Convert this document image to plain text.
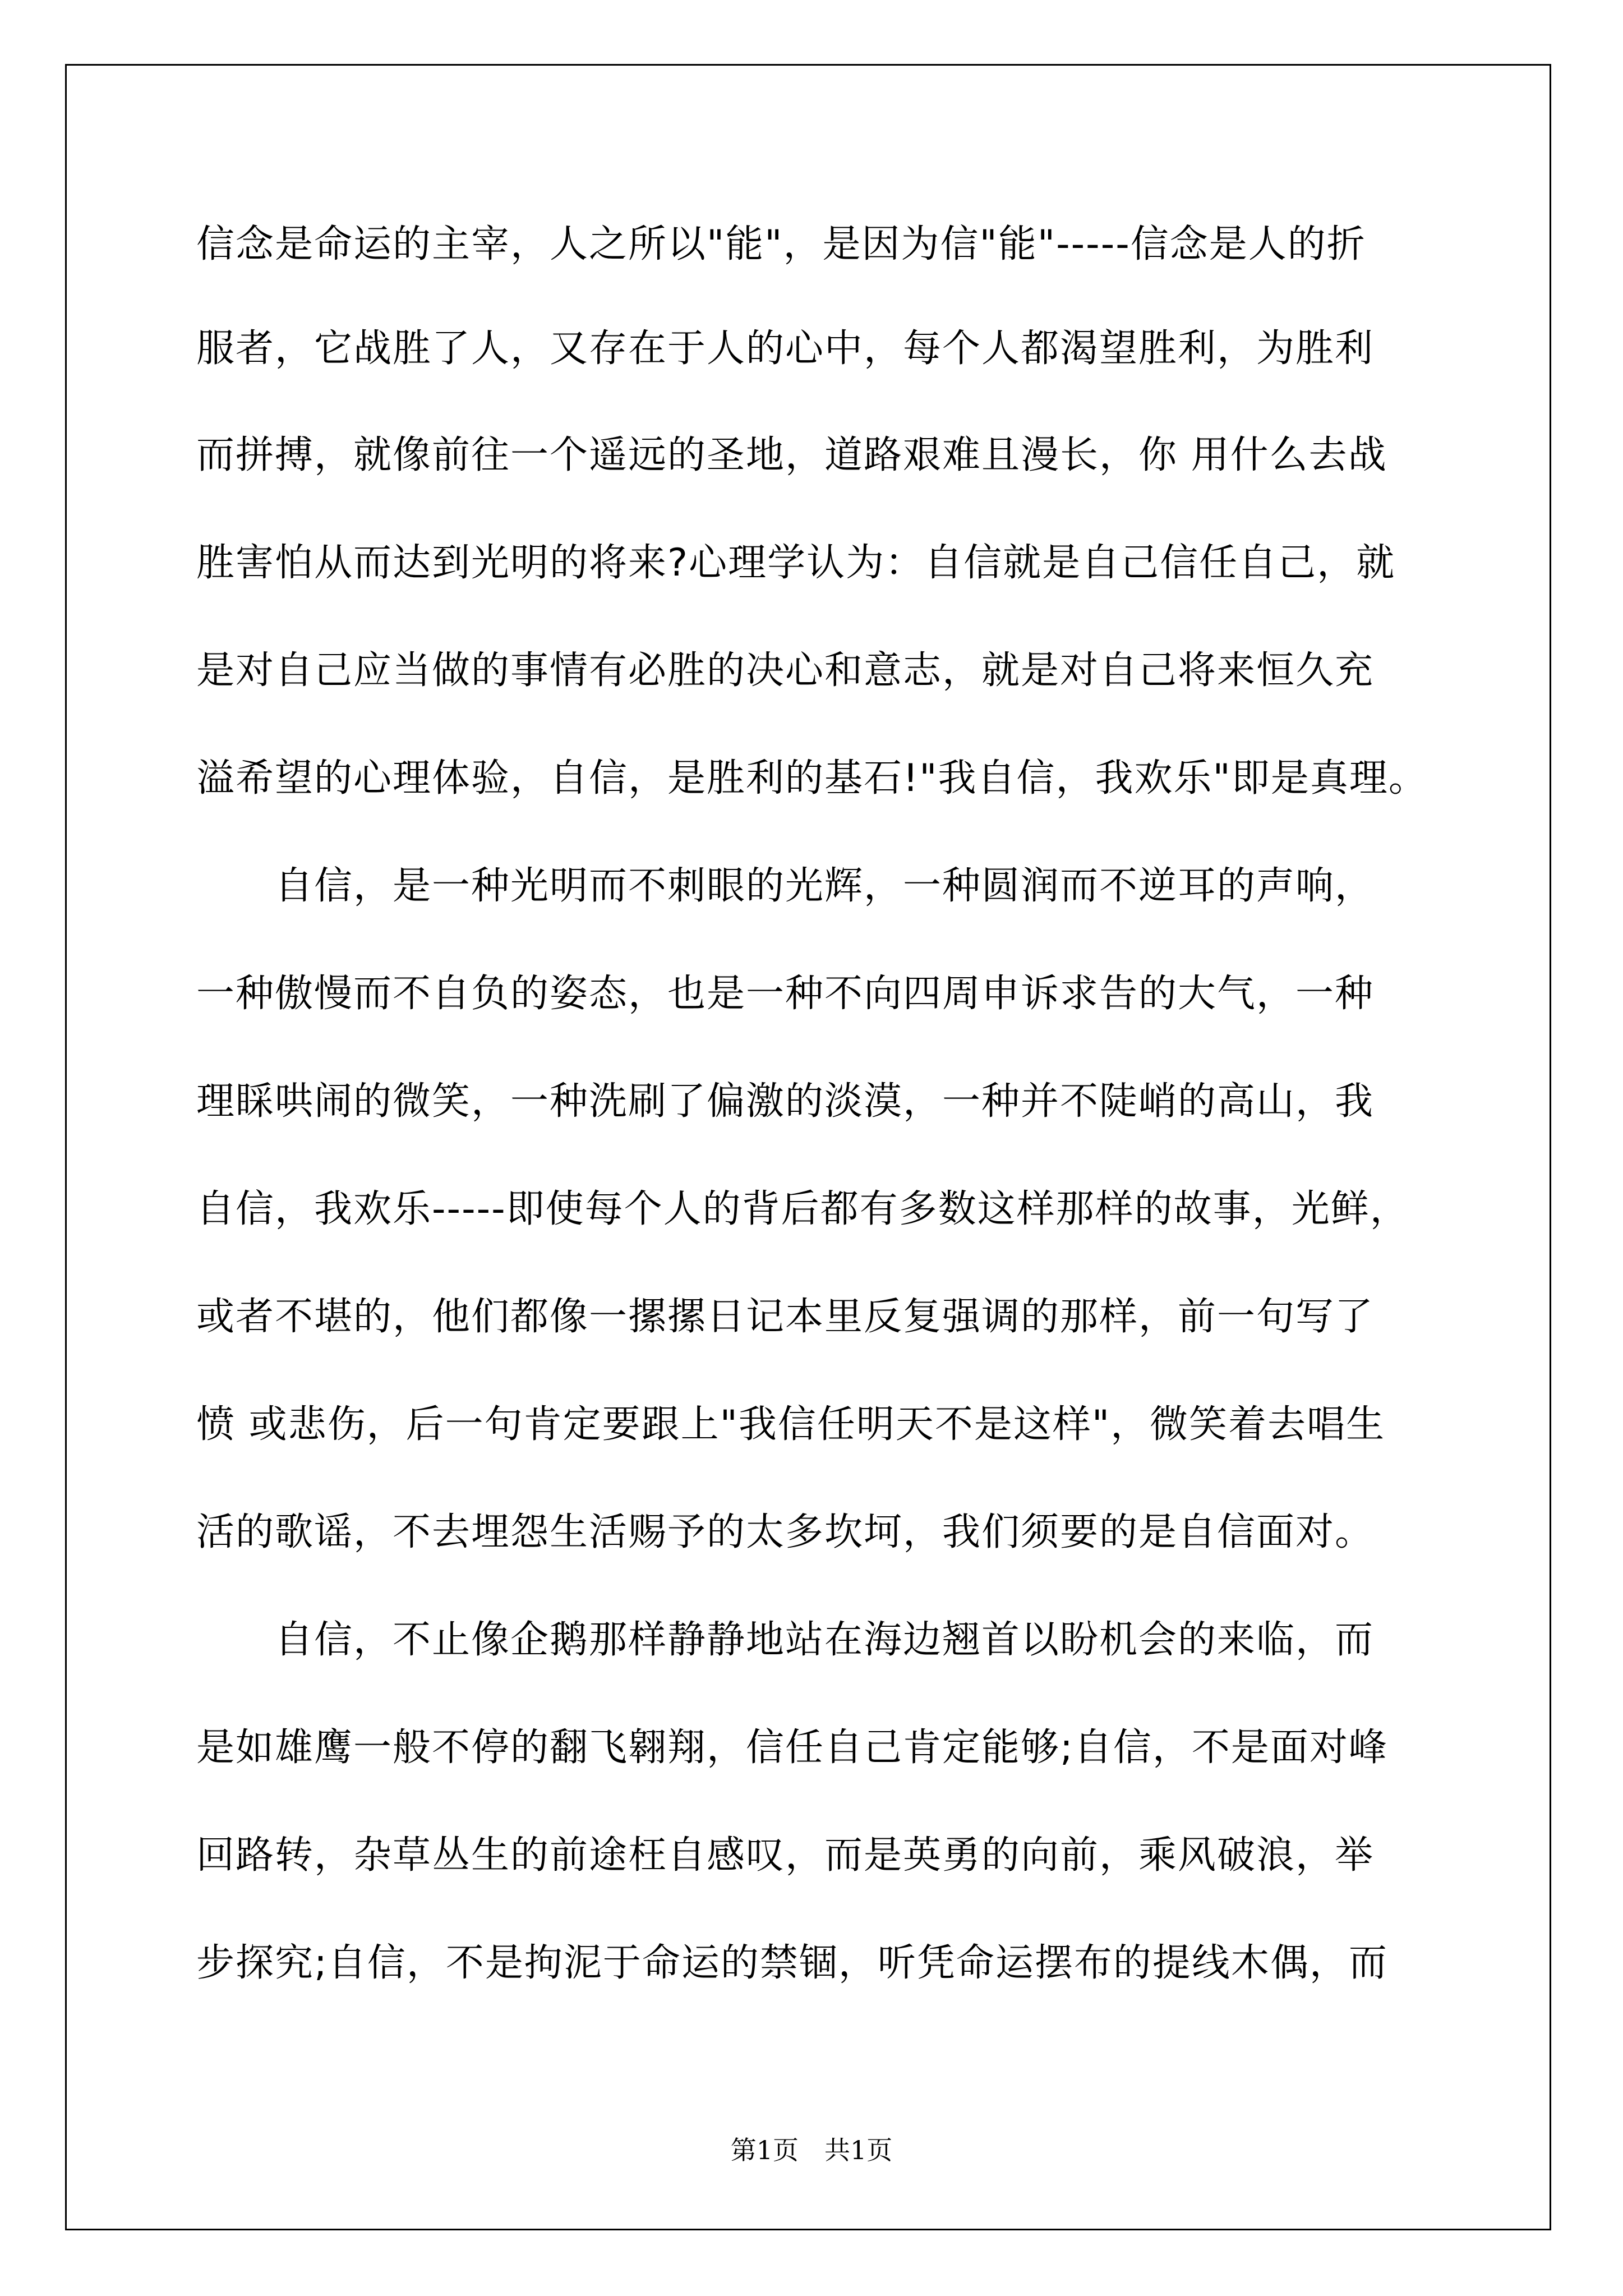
信念是命运的主宰，人之所以"能"，是因为信"能"-----信念是人的折
服者，它战胜了人，又存在于人的心中，每个人都渴望胜利，为胜利
而拼搏，就像前往一个遥远的圣地，道路艰难且漫长，你 用什么去战
胜害怕从而达到光明的将来?心理学认为：自信就是自己信任自己，就
是对自己应当做的事情有必胜的决心和意志，就是对自己将来恒久充
溢希望的心理体验，自信，是胜利的基石!"我自信，我欢乐"即是真理。
　　自信，是一种光明而不刺眼的光辉，一种圆润而不逆耳的声响，
一种傲慢而不自负的姿态，也是一种不向四周申诉求告的大气，一种
理睬哄闹的微笑，一种洗刷了偏激的淡漠，一种并不陡峭的高山，我
自信，我欢乐-----即使每个人的背后都有多数这样那样的故事，光鲜，
或者不堪的，他们都像一摞摞日记本里反复强调的那样，前一句写了
愤 或悲伤，后一句肯定要跟上"我信任明天不是这样"，微笑着去唱生
活的歌谣，不去埋怨生活赐予的太多坎坷，我们须要的是自信面对。
　　自信，不止像企鹅那样静静地站在海边翘首以盼机会的来临，而
是如雄鹰一般不停的翻飞翱翔，信任自己肯定能够;自信，不是面对峰
回路转，杂草丛生的前途枉自感叹，而是英勇的向前，乘风破浪，举
步探究;自信，不是拘泥于命运的禁锢，听凭命运摆布的提线木偶，而
第1页　共1页
